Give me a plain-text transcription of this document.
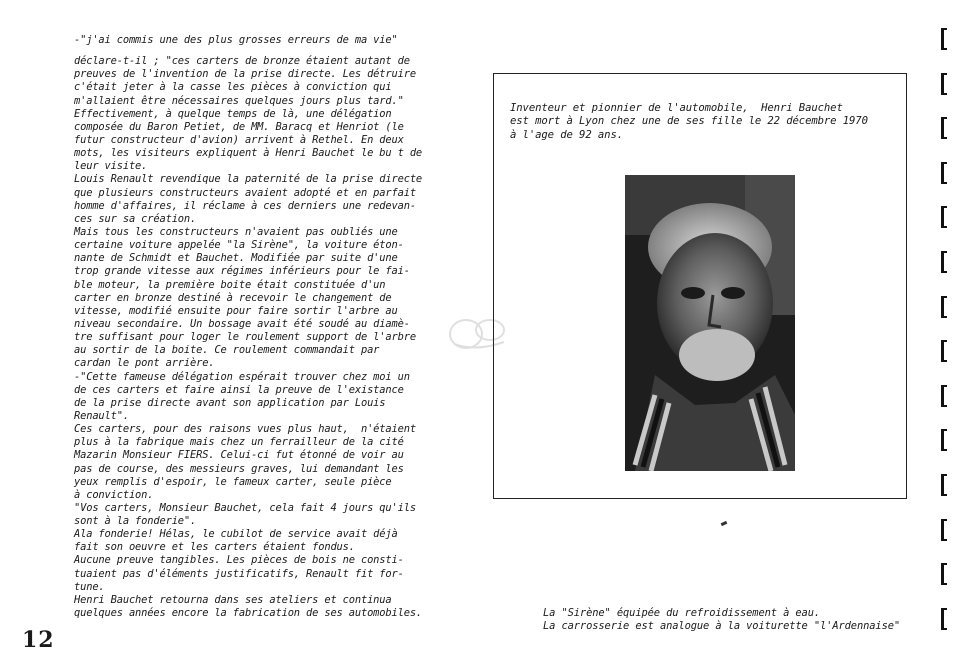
-"j'ai commis une des plus grosses erreurs de ma vie"
déclare-t-il ; "ces carters de bronze étaient autant de
preuves de l'invention de la prise directe. Les détruire
c'était jeter à la casse les pièces à conviction qui
m'allaient être nécessaires quelques jours plus tard."
Effectivement, à quelque temps de là, une délégation
composée du Baron Petiet, de MM. Baracq et Henriot (le
futur constructeur d'avion) arrivent à Rethel. En deux
mots, les visiteurs expliquent à Henri Bauchet le bu t de
leur visite.
Louis Renault revendique la paternité de la prise directe
que plusieurs constructeurs avaient adopté et en parfait
homme d'affaires, il réclame à ces derniers une redevan-
ces sur sa création.
Mais tous les constructeurs n'avaient pas oubliés une
certaine voiture appelée "la Sirène", la voiture éton-
nante de Schmidt et Bauchet. Modifiée par suite d'une
trop grande vitesse aux régimes inférieurs pour le fai-
ble moteur, la première boite était constituée d'un
carter en bronze destiné à recevoir le changement de
vitesse, modifié ensuite pour faire sortir l'arbre au
niveau secondaire. Un bossage avait été soudé au diamè-
tre suffisant pour loger le roulement support de l'arbre
au sortir de la boite. Ce roulement commandait par
cardan le pont arrière.
-"Cette fameuse délégation espérait trouver chez moi un
de ces carters et faire ainsi la preuve de l'existance
de la prise directe avant son application par Louis
Renault".
Ces carters, pour des raisons vues plus haut,  n'étaient
plus à la fabrique mais chez un ferrailleur de la cité
Mazarin Monsieur FIERS. Celui-ci fut étonné de voir au
pas de course, des messieurs graves, lui demandant les
yeux remplis d'espoir, le fameux carter, seule pièce
à conviction.
"Vos carters, Monsieur Bauchet, cela fait 4 jours qu'ils
sont à la fonderie".
Ala fonderie! Hélas, le cubilot de service avait déjà
fait son oeuvre et les carters étaient fondus.
Aucune preuve tangibles. Les pièces de bois ne consti-
tuaient pas d'éléments justificatifs, Renault fit for-
tune.
Henri Bauchet retourna dans ses ateliers et continua
quelques années encore la fabrication de ses automobiles.
12
Inventeur et pionnier de l'automobile,  Henri Bauchet
est mort à Lyon chez une de ses fille le 22 décembre 1970
à l'age de 92 ans.
La "Sirène" équipée du refroidissement à eau.
La carrosserie est analogue à la voiturette "l'Ardennaise"
